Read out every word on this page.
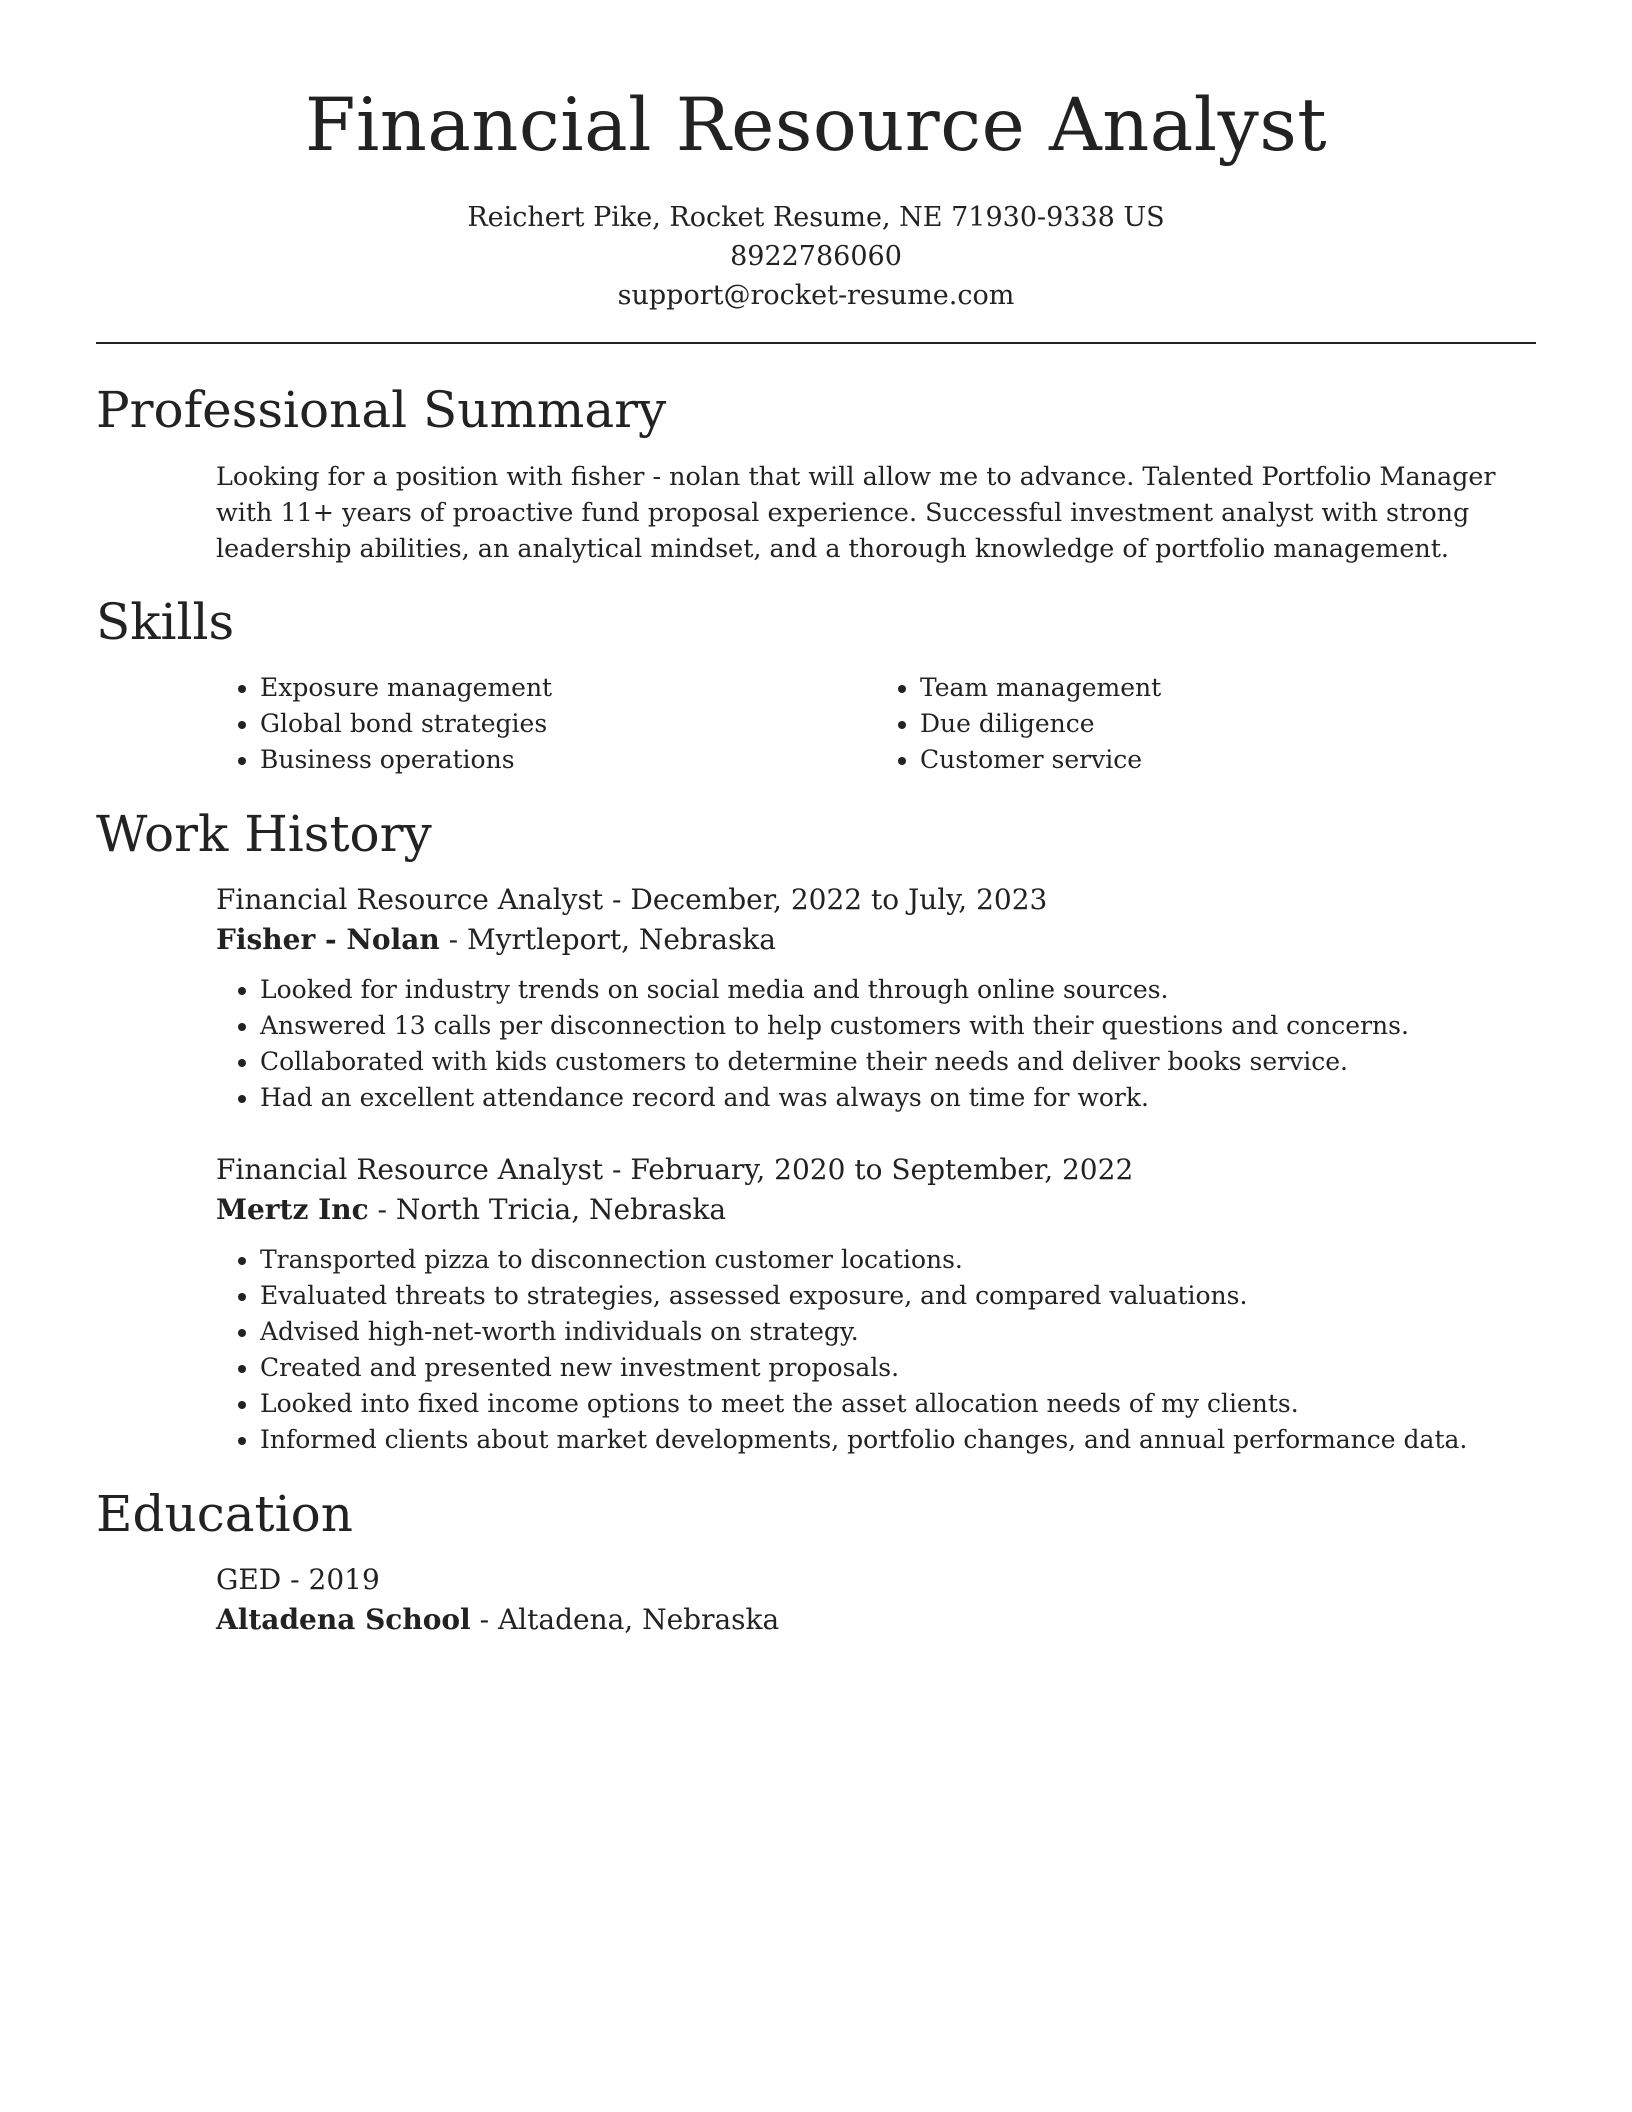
Financial Resource Analyst
Reichert Pike, Rocket Resume, NE 71930-9338 US
8922786060
support@rocket-resume.com
Professional Summary

Looking for a position with fisher - nolan that will allow me to advance. Talented Portfolio Manager with 11+ years of proactive fund proposal experience. Successful investment analyst with strong leadership abilities, an analytical mindset, and a thorough knowledge of portfolio management.

Skills
• Exposure management
• Global bond strategies
• Business operations
• Team management
• Due diligence
• Customer service
Work History
Financial Resource Analyst - December, 2022 to July, 2023
Fisher - Nolan - Myrtleport, Nebraska
• Looked for industry trends on social media and through online sources.
• Answered 13 calls per disconnection to help customers with their questions and concerns.
• Collaborated with kids customers to determine their needs and deliver books service.
• Had an excellent attendance record and was always on time for work.
Financial Resource Analyst - February, 2020 to September, 2022
Mertz Inc - North Tricia, Nebraska
• Transported pizza to disconnection customer locations.
• Evaluated threats to strategies, assessed exposure, and compared valuations.
• Advised high-net-worth individuals on strategy.
• Created and presented new investment proposals.
• Looked into fixed income options to meet the asset allocation needs of my clients.
• Informed clients about market developments, portfolio changes, and annual performance data.
Education
GED - 2019
Altadena School - Altadena, Nebraska
